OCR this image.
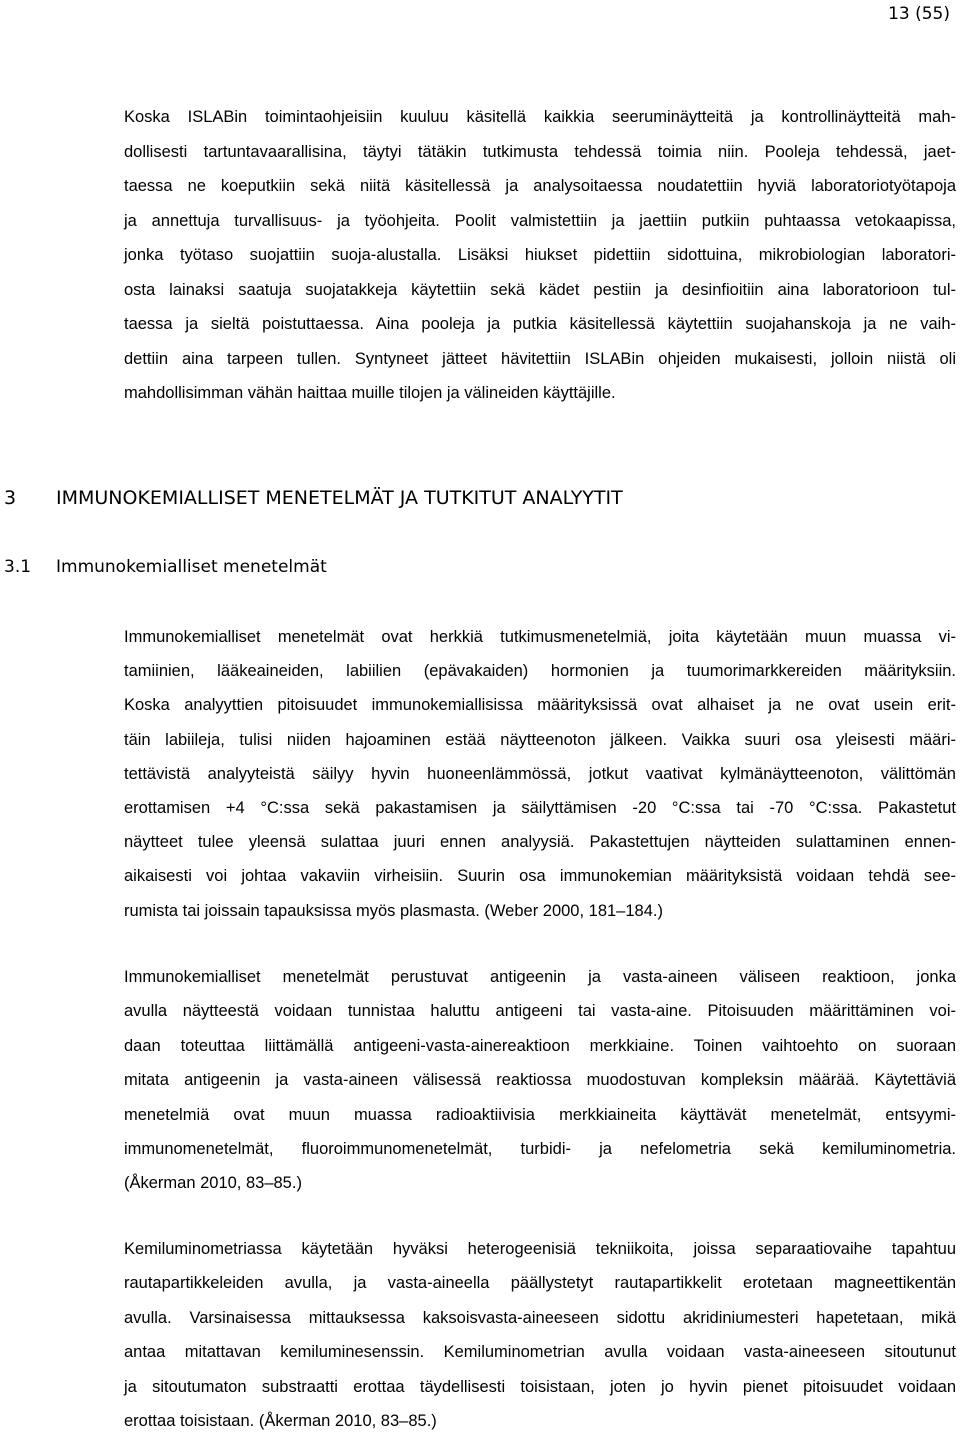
13 (55)
Koska ISLABin toimintaohjeisiin kuuluu käsitellä kaikkia seeruminäytteitä ja kontrollinäytteitä mah-
dollisesti tartuntavaarallisina, täytyi tätäkin tutkimusta tehdessä toimia niin. Pooleja tehdessä, jaet-
taessa ne koeputkiin sekä niitä käsitellessä ja analysoitaessa noudatettiin hyviä laboratoriotyötapoja
ja annettuja turvallisuus- ja työohjeita. Poolit valmistettiin ja jaettiin putkiin puhtaassa vetokaapissa,
jonka työtaso suojattiin suoja-alustalla. Lisäksi hiukset pidettiin sidottuina, mikrobiologian laboratori-
osta lainaksi saatuja suojatakkeja käytettiin sekä kädet pestiin ja desinfioitiin aina laboratorioon tul-
taessa ja sieltä poistuttaessa. Aina pooleja ja putkia käsitellessä käytettiin suojahanskoja ja ne vaih-
dettiin aina tarpeen tullen. Syntyneet jätteet hävitettiin ISLABin ohjeiden mukaisesti, jolloin niistä oli
mahdollisimman vähän haittaa muille tilojen ja välineiden käyttäjille.
3 IMMUNOKEMIALLISET MENETELMÄT JA TUTKITUT ANALYYTIT
3.1 Immunokemialliset menetelmät
Immunokemialliset menetelmät ovat herkkiä tutkimusmenetelmiä, joita käytetään muun muassa vi-
tamiinien, lääkeaineiden, labiilien (epävakaiden) hormonien ja tuumorimarkkereiden määrityksiin.
Koska analyyttien pitoisuudet immunokemiallisissa määrityksissä ovat alhaiset ja ne ovat usein erit-
täin labiileja, tulisi niiden hajoaminen estää näytteenoton jälkeen. Vaikka suuri osa yleisesti määri-
tettävistä analyyteistä säilyy hyvin huoneenlämmössä, jotkut vaativat kylmänäytteenoton, välittömän
erottamisen +4 °C:ssa sekä pakastamisen ja säilyttämisen -20 °C:ssa tai -70 °C:ssa. Pakastetut
näytteet tulee yleensä sulattaa juuri ennen analyysiä. Pakastettujen näytteiden sulattaminen ennen-
aikaisesti voi johtaa vakaviin virheisiin. Suurin osa immunokemian määrityksistä voidaan tehdä see-
rumista tai joissain tapauksissa myös plasmasta. (Weber 2000, 181–184.)
Immunokemialliset menetelmät perustuvat antigeenin ja vasta-aineen väliseen reaktioon, jonka
avulla näytteestä voidaan tunnistaa haluttu antigeeni tai vasta-aine. Pitoisuuden määrittäminen voi-
daan toteuttaa liittämällä antigeeni-vasta-ainereaktioon merkkiaine. Toinen vaihtoehto on suoraan
mitata antigeenin ja vasta-aineen välisessä reaktiossa muodostuvan kompleksin määrää. Käytettäviä
menetelmiä ovat muun muassa radioaktiivisia merkkiaineita käyttävät menetelmät, entsyymi-
immunomenetelmät, fluoroimmunomenetelmät, turbidi- ja nefelometria sekä kemiluminometria.
(Åkerman 2010, 83–85.)
Kemiluminometriassa käytetään hyväksi heterogeenisiä tekniikoita, joissa separaatiovaihe tapahtuu
rautapartikkeleiden avulla, ja vasta-aineella päällystetyt rautapartikkelit erotetaan magneettikentän
avulla. Varsinaisessa mittauksessa kaksoisvasta-aineeseen sidottu akridiniumesteri hapetetaan, mikä
antaa mitattavan kemiluminesenssin. Kemiluminometrian avulla voidaan vasta-aineeseen sitoutunut
ja sitoutumaton substraatti erottaa täydellisesti toisistaan, joten jo hyvin pienet pitoisuudet voidaan
erottaa toisistaan. (Åkerman 2010, 83–85.)
